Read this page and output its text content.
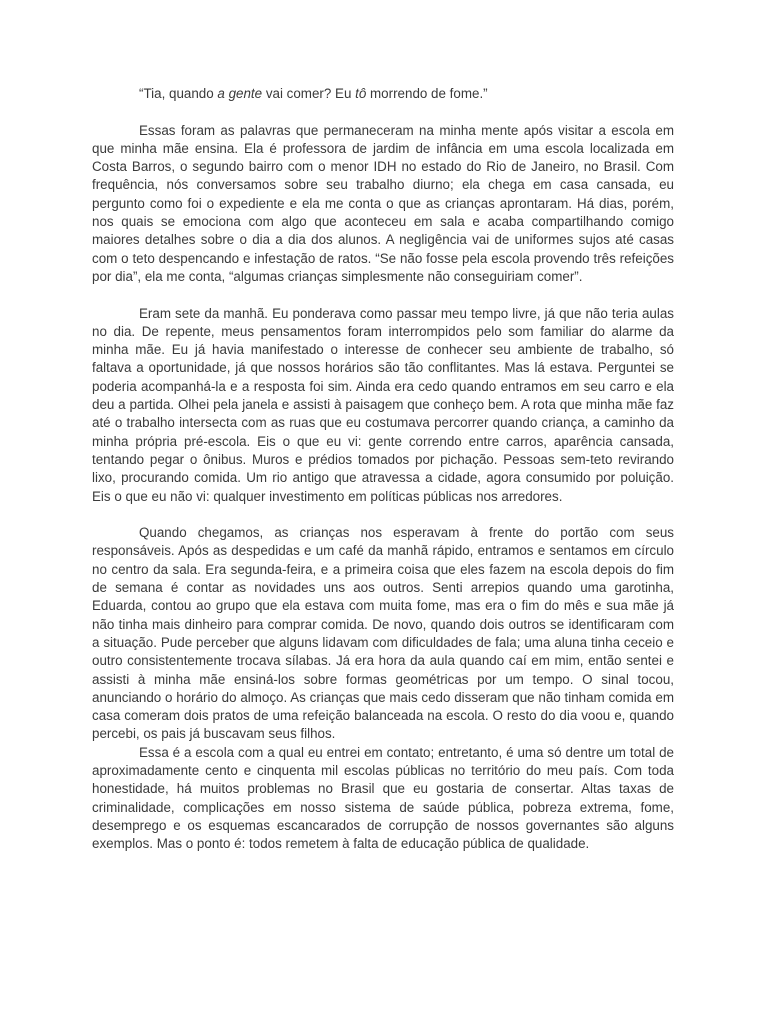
“Tia, quando a gente vai comer? Eu tô morrendo de fome.”

Essas foram as palavras que permaneceram na minha mente após visitar a escola em que minha mãe ensina. Ela é professora de jardim de infância em uma escola localizada em Costa Barros, o segundo bairro com o menor IDH no estado do Rio de Janeiro, no Brasil. Com frequência, nós conversamos sobre seu trabalho diurno; ela chega em casa cansada, eu pergunto como foi o expediente e ela me conta o que as crianças aprontaram. Há dias, porém, nos quais se emociona com algo que aconteceu em sala e acaba compartilhando comigo maiores detalhes sobre o dia a dia dos alunos. A negligência vai de uniformes sujos até casas com o teto despencando e infestação de ratos. “Se não fosse pela escola provendo três refeições por dia”, ela me conta, “algumas crianças simplesmente não conseguiriam comer”.

Eram sete da manhã. Eu ponderava como passar meu tempo livre, já que não teria aulas no dia. De repente, meus pensamentos foram interrompidos pelo som familiar do alarme da minha mãe. Eu já havia manifestado o interesse de conhecer seu ambiente de trabalho, só faltava a oportunidade, já que nossos horários são tão conflitantes. Mas lá estava. Perguntei se poderia acompanhá-la e a resposta foi sim. Ainda era cedo quando entramos em seu carro e ela deu a partida. Olhei pela janela e assisti à paisagem que conheço bem. A rota que minha mãe faz até o trabalho intersecta com as ruas que eu costumava percorrer quando criança, a caminho da minha própria pré-escola. Eis o que eu vi: gente correndo entre carros, aparência cansada, tentando pegar o ônibus. Muros e prédios tomados por pichação. Pessoas sem-teto revirando lixo, procurando comida. Um rio antigo que atravessa a cidade, agora consumido por poluição. Eis o que eu não vi: qualquer investimento em políticas públicas nos arredores.

Quando chegamos, as crianças nos esperavam à frente do portão com seus responsáveis. Após as despedidas e um café da manhã rápido, entramos e sentamos em círculo no centro da sala. Era segunda-feira, e a primeira coisa que eles fazem na escola depois do fim de semana é contar as novidades uns aos outros. Senti arrepios quando uma garotinha, Eduarda, contou ao grupo que ela estava com muita fome, mas era o fim do mês e sua mãe já não tinha mais dinheiro para comprar comida. De novo, quando dois outros se identificaram com a situação. Pude perceber que alguns lidavam com dificuldades de fala; uma aluna tinha ceceio e outro consistentemente trocava sílabas. Já era hora da aula quando caí em mim, então sentei e assisti à minha mãe ensiná-los sobre formas geométricas por um tempo. O sinal tocou, anunciando o horário do almoço. As crianças que mais cedo disseram que não tinham comida em casa comeram dois pratos de uma refeição balanceada na escola. O resto do dia voou e, quando percebi, os pais já buscavam seus filhos.

Essa é a escola com a qual eu entrei em contato; entretanto, é uma só dentre um total de aproximadamente cento e cinquenta mil escolas públicas no território do meu país. Com toda honestidade, há muitos problemas no Brasil que eu gostaria de consertar. Altas taxas de criminalidade, complicações em nosso sistema de saúde pública, pobreza extrema, fome, desemprego e os esquemas escancarados de corrupção de nossos governantes são alguns exemplos. Mas o ponto é: todos remetem à falta de educação pública de qualidade.
